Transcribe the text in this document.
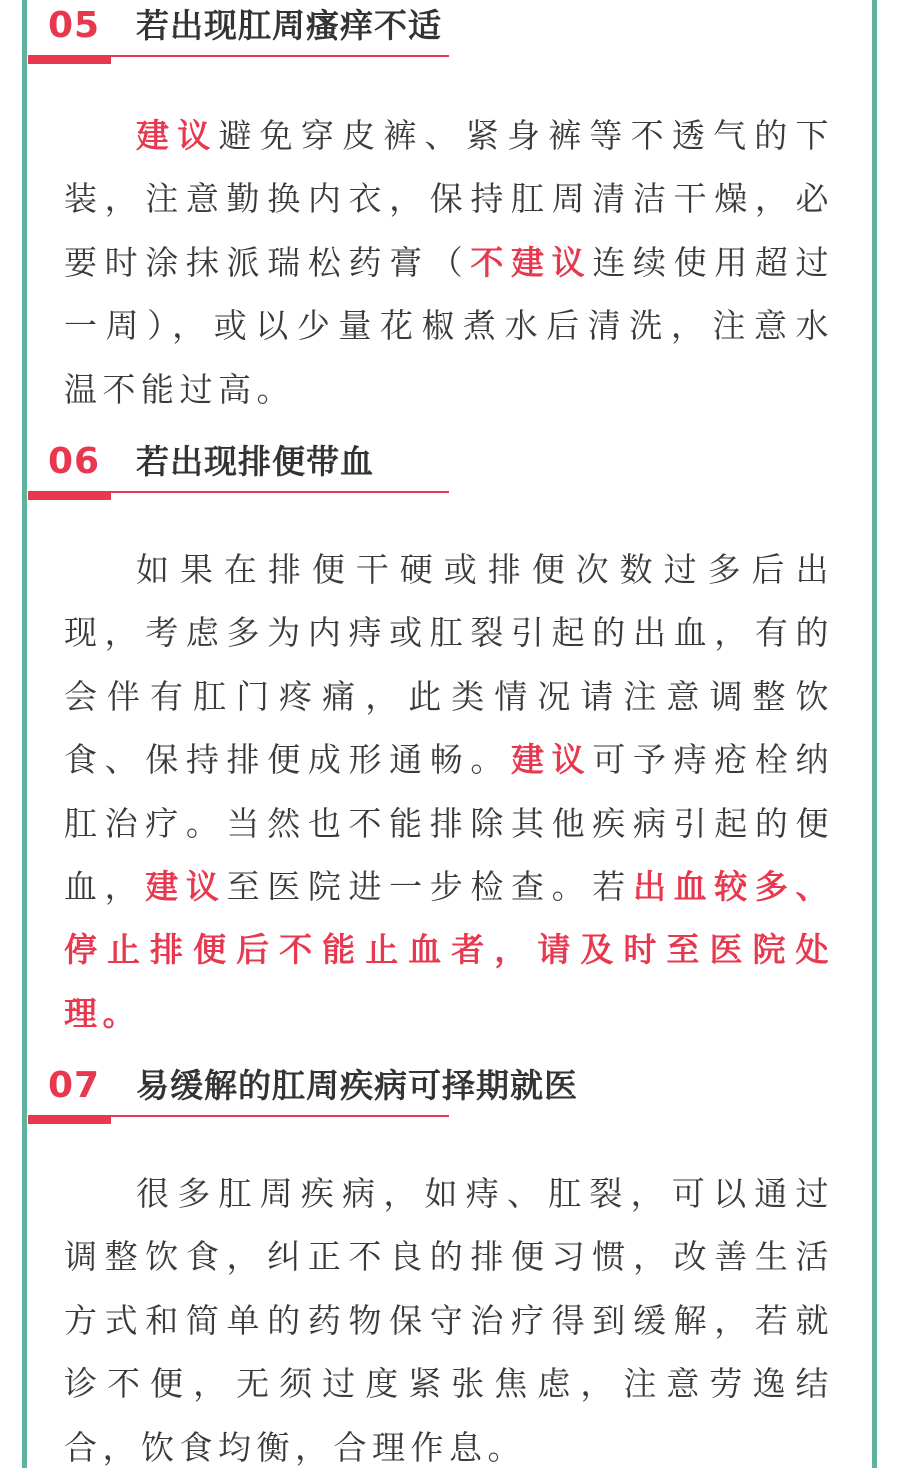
05 若出现肛周瘙痒不适
建议避免穿皮裤、紧身裤等不透气的下
装，注意勤换内衣，保持肛周清洁干燥，必
要时涂抹派瑞松药膏（不建议连续使用超过
一周），或以少量花椒煮水后清洗，注意水
温不能过高。
06 若出现排便带血
如果在排便干硬或排便次数过多后出
现，考虑多为内痔或肛裂引起的出血，有的
会伴有肛门疼痛，此类情况请注意调整饮
食、保持排便成形通畅。建议可予痔疮栓纳
肛治疗。当然也不能排除其他疾病引起的便
血，建议至医院进一步检查。若出血较多、
停止排便后不能止血者，请及时至医院处
理。
07 易缓解的肛周疾病可择期就医
很多肛周疾病，如痔、肛裂，可以通过
调整饮食，纠正不良的排便习惯，改善生活
方式和简单的药物保守治疗得到缓解，若就
诊不便，无须过度紧张焦虑，注意劳逸结
合，饮食均衡，合理作息。
